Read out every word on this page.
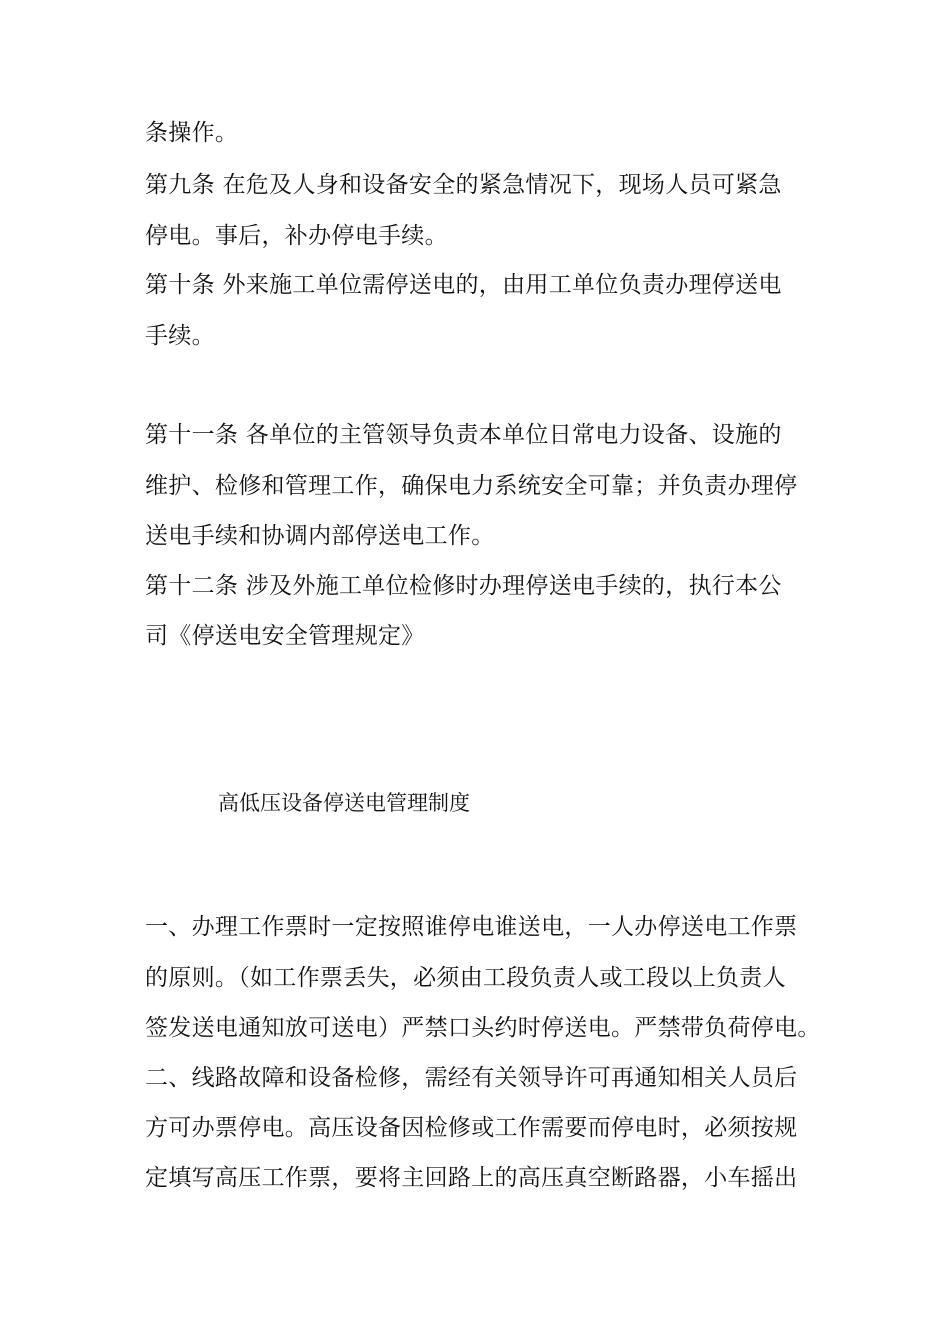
条操作。
第九条 在危及人身和设备安全的紧急情况下，现场人员可紧急
停电。事后，补办停电手续。
第十条 外来施工单位需停送电的，由用工单位负责办理停送电
手续。
第十一条 各单位的主管领导负责本单位日常电力设备、设施的
维护、检修和管理工作，确保电力系统安全可靠；并负责办理停
送电手续和协调内部停送电工作。
第十二条 涉及外施工单位检修时办理停送电手续的，执行本公
司《停送电安全管理规定》
高低压设备停送电管理制度
一、办理工作票时一定按照谁停电谁送电，一人办停送电工作票
的原则。（如工作票丢失，必须由工段负责人或工段以上负责人
签发送电通知放可送电）严禁口头约时停送电。严禁带负荷停电。
二、线路故障和设备检修，需经有关领导许可再通知相关人员后
方可办票停电。高压设备因检修或工作需要而停电时，必须按规
定填写高压工作票，要将主回路上的高压真空断路器，小车摇出
